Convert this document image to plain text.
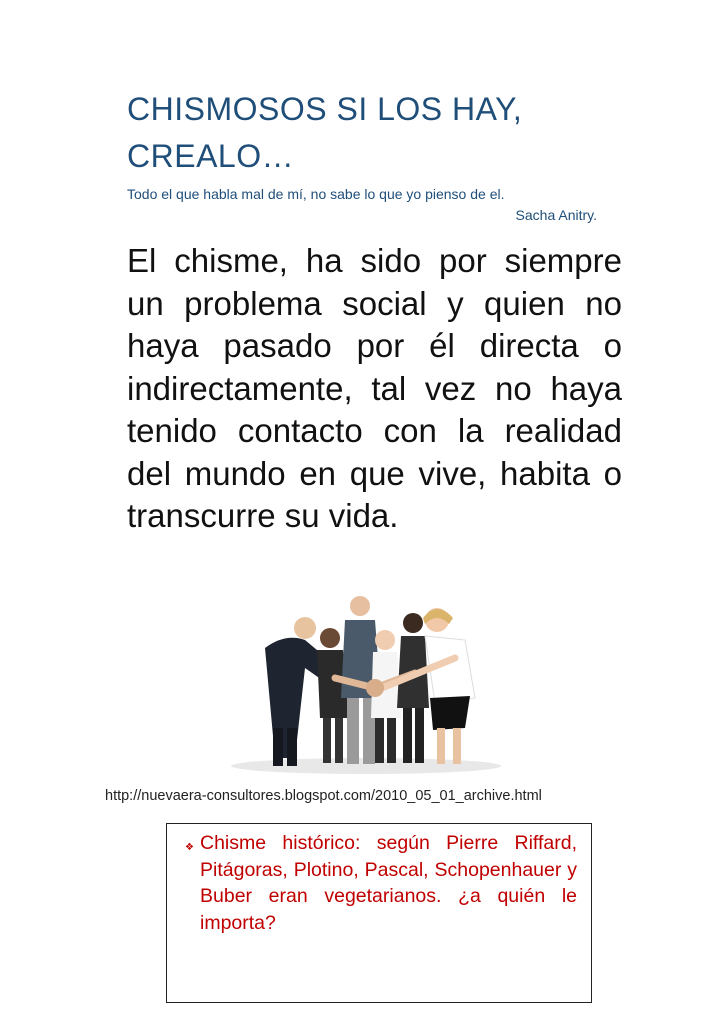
CHISMOSOS SI LOS HAY, CREALO…
Todo el que habla mal de mí, no sabe lo que yo pienso de el.
Sacha Anitry.

El chisme, ha sido por siempre un problema social y quien no haya pasado por él directa o indirectamente, tal vez no haya tenido contacto con la realidad del mundo en que vive, habita o transcurre su vida.

http://nuevaera-consultores.blogspot.com/2010_05_01_archive.html
❖ Chisme histórico: según Pierre Riffard, Pitágoras, Plotino, Pascal, Schopenhauer y Buber eran vegetarianos. ¿a quién le importa?
